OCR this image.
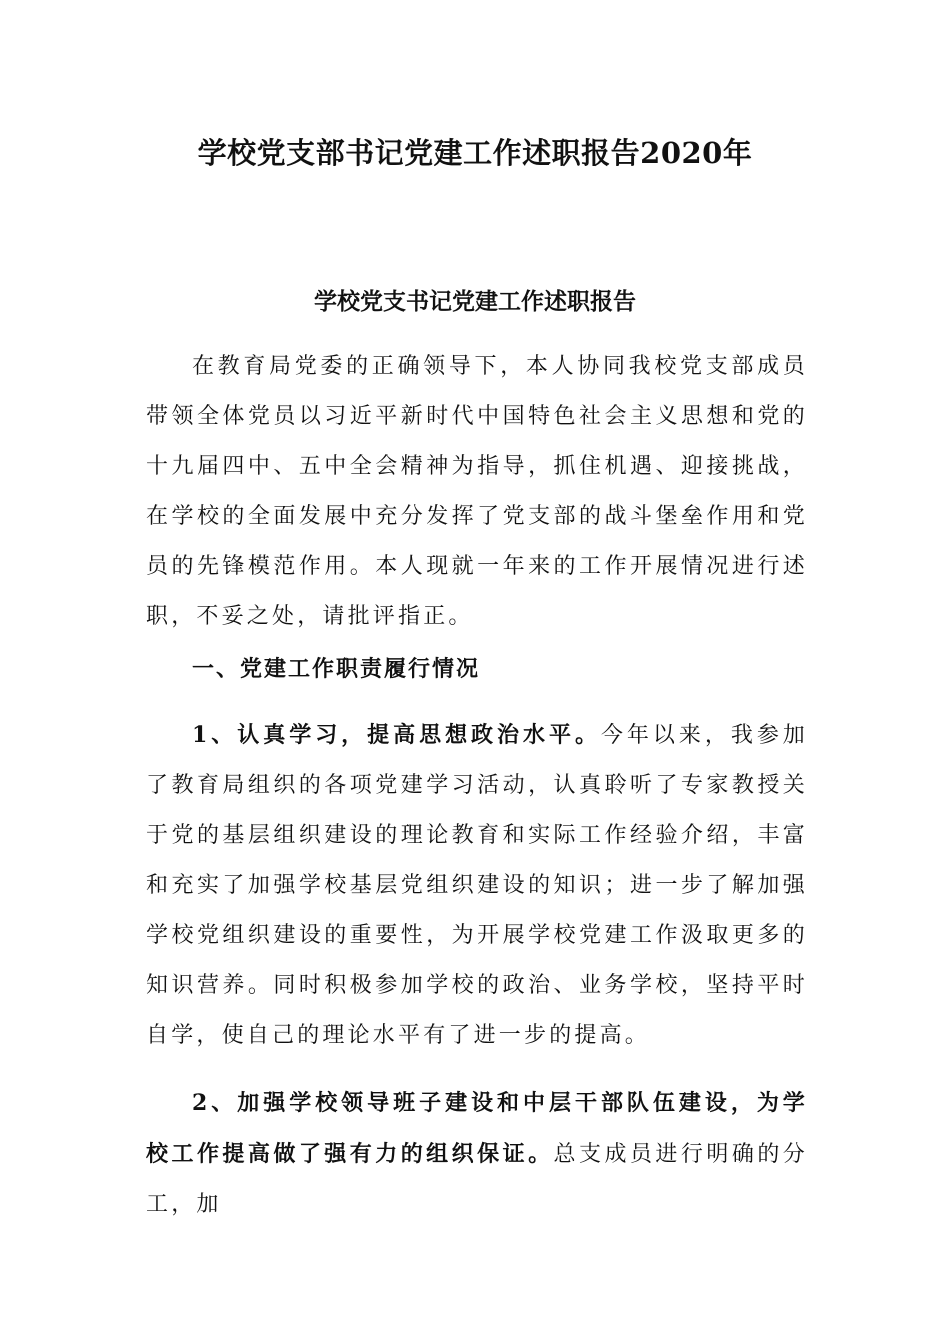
学校党支部书记党建工作述职报告2020年
学校党支书记党建工作述职报告

在教育局党委的正确领导下，本人协同我校党支部成员带领全体党员以习近平新时代中国特色社会主义思想和党的十九届四中、五中全会精神为指导，抓住机遇、迎接挑战，在学校的全面发展中充分发挥了党支部的战斗堡垒作用和党员的先锋模范作用。本人现就一年来的工作开展情况进行述职，不妥之处，请批评指正。

一、党建工作职责履行情况

1、认真学习，提高思想政治水平。今年以来，我参加了教育局组织的各项党建学习活动，认真聆听了专家教授关于党的基层组织建设的理论教育和实际工作经验介绍，丰富和充实了加强学校基层党组织建设的知识；进一步了解加强学校党组织建设的重要性，为开展学校党建工作汲取更多的知识营养。同时积极参加学校的政治、业务学校，坚持平时自学，使自己的理论水平有了进一步的提高。

2、加强学校领导班子建设和中层干部队伍建设，为学校工作提高做了强有力的组织保证。总支成员进行明确的分工，加
